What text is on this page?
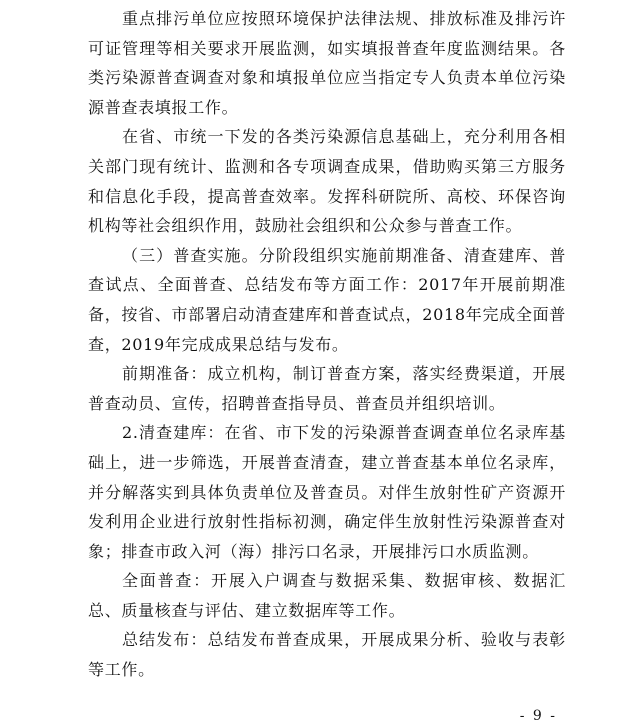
重点排污单位应按照环境保护法律法规、排放标准及排污许可证管理等相关要求开展监测，如实填报普查年度监测结果。各类污染源普查调查对象和填报单位应当指定专人负责本单位污染源普查表填报工作。

在省、市统一下发的各类污染源信息基础上，充分利用各相关部门现有统计、监测和各专项调查成果，借助购买第三方服务和信息化手段，提高普查效率。发挥科研院所、高校、环保咨询机构等社会组织作用，鼓励社会组织和公众参与普查工作。

（三）普查实施。分阶段组织实施前期准备、清查建库、普查试点、全面普查、总结发布等方面工作：2017年开展前期准备，按省、市部署启动清查建库和普查试点，2018年完成全面普查，2019年完成成果总结与发布。

前期准备：成立机构，制订普查方案，落实经费渠道，开展普查动员、宣传，招聘普查指导员、普查员并组织培训。

2.清查建库：在省、市下发的污染源普查调查单位名录库基础上，进一步筛选，开展普查清查，建立普查基本单位名录库，并分解落实到具体负责单位及普查员。对伴生放射性矿产资源开发利用企业进行放射性指标初测，确定伴生放射性污染源普查对象；排查市政入河（海）排污口名录，开展排污口水质监测。

全面普查：开展入户调查与数据采集、数据审核、数据汇总、质量核查与评估、建立数据库等工作。

总结发布：总结发布普查成果，开展成果分析、验收与表彰等工作。

- 9 -
